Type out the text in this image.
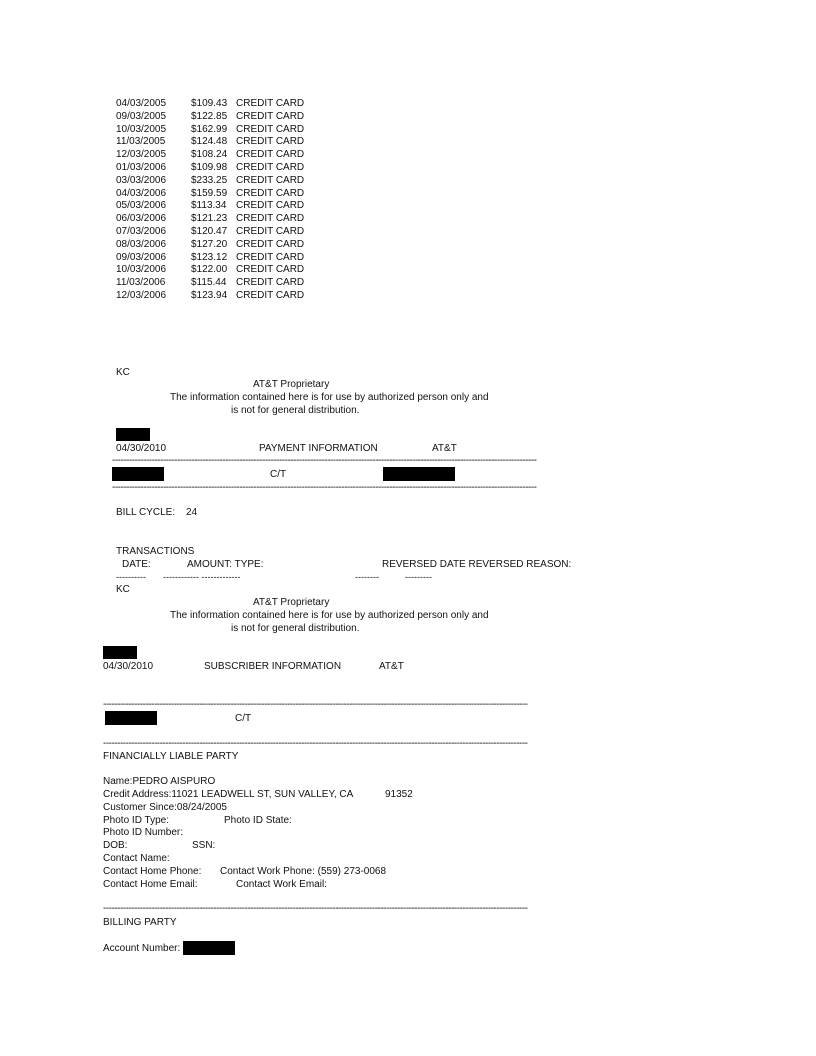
04/03/2005 $109.43 CREDIT CARD
09/03/2005 $122.85 CREDIT CARD
10/03/2005 $162.99 CREDIT CARD
11/03/2005	$124.48 CREDIT CARD
12/03/2005 $108.24 CREDIT CARD
01/03/2006 $109.98 CREDIT CARD
03/03/2006 $233.25 CREDIT CARD
04/03/2006 $159.59 CREDIT CARD
05/03/2006 $113.34 CREDIT CARD
06/03/2006 $121.23 CREDIT CARD
07/03/2006 $120.47 CREDIT CARD
08/03/2006 $127.20 CREDIT CARD
09/03/2006 $123.12 CREDIT CARD
10/03/2006 $122.00 CREDIT CARD
11/03/2006	$115.44 CREDIT CARD
12/03/2006 $123.94 CREDIT CARD
KC
AT&T Proprietary
The information contained here is for use by authorized person only and
is not for general distribution.
04/30/2010	PAYMENT INFORMATION	AT&T
------------------------------------------------------------------------------------------------------------------------------------------------------
C/T
------------------------------------------------------------------------------------------------------------------------------------------------------
BILL CYCLE: 24
TRANSACTIONS
DATE:	AMOUNT: TYPE:	REVERSED DATE REVERSED REASON:
---------- ------------ -------------	--------	---------
KC
AT&T Proprietary
The information contained here is for use by authorized person only and
is not for general distribution.
04/30/2010	SUBSCRIBER INFORMATION	AT&T
------------------------------------------------------------------------------------------------------------------------------------------------------
C/T
------------------------------------------------------------------------------------------------------------------------------------------------------
FINANCIALLY LIABLE PARTY
Name:PEDRO AISPURO
Credit Address:11021 LEADWELL ST, SUN VALLEY, CA	91352
Customer Since:08/24/2005
Photo ID Type:	Photo ID State:
Photo ID Number:
DOB:	SSN:
Contact Name:
Contact Home Phone: Contact Work Phone: (559) 273-0068
Contact Home Email:	Contact Work Email:
------------------------------------------------------------------------------------------------------------------------------------------------------
BILLING PARTY
Account Number:
